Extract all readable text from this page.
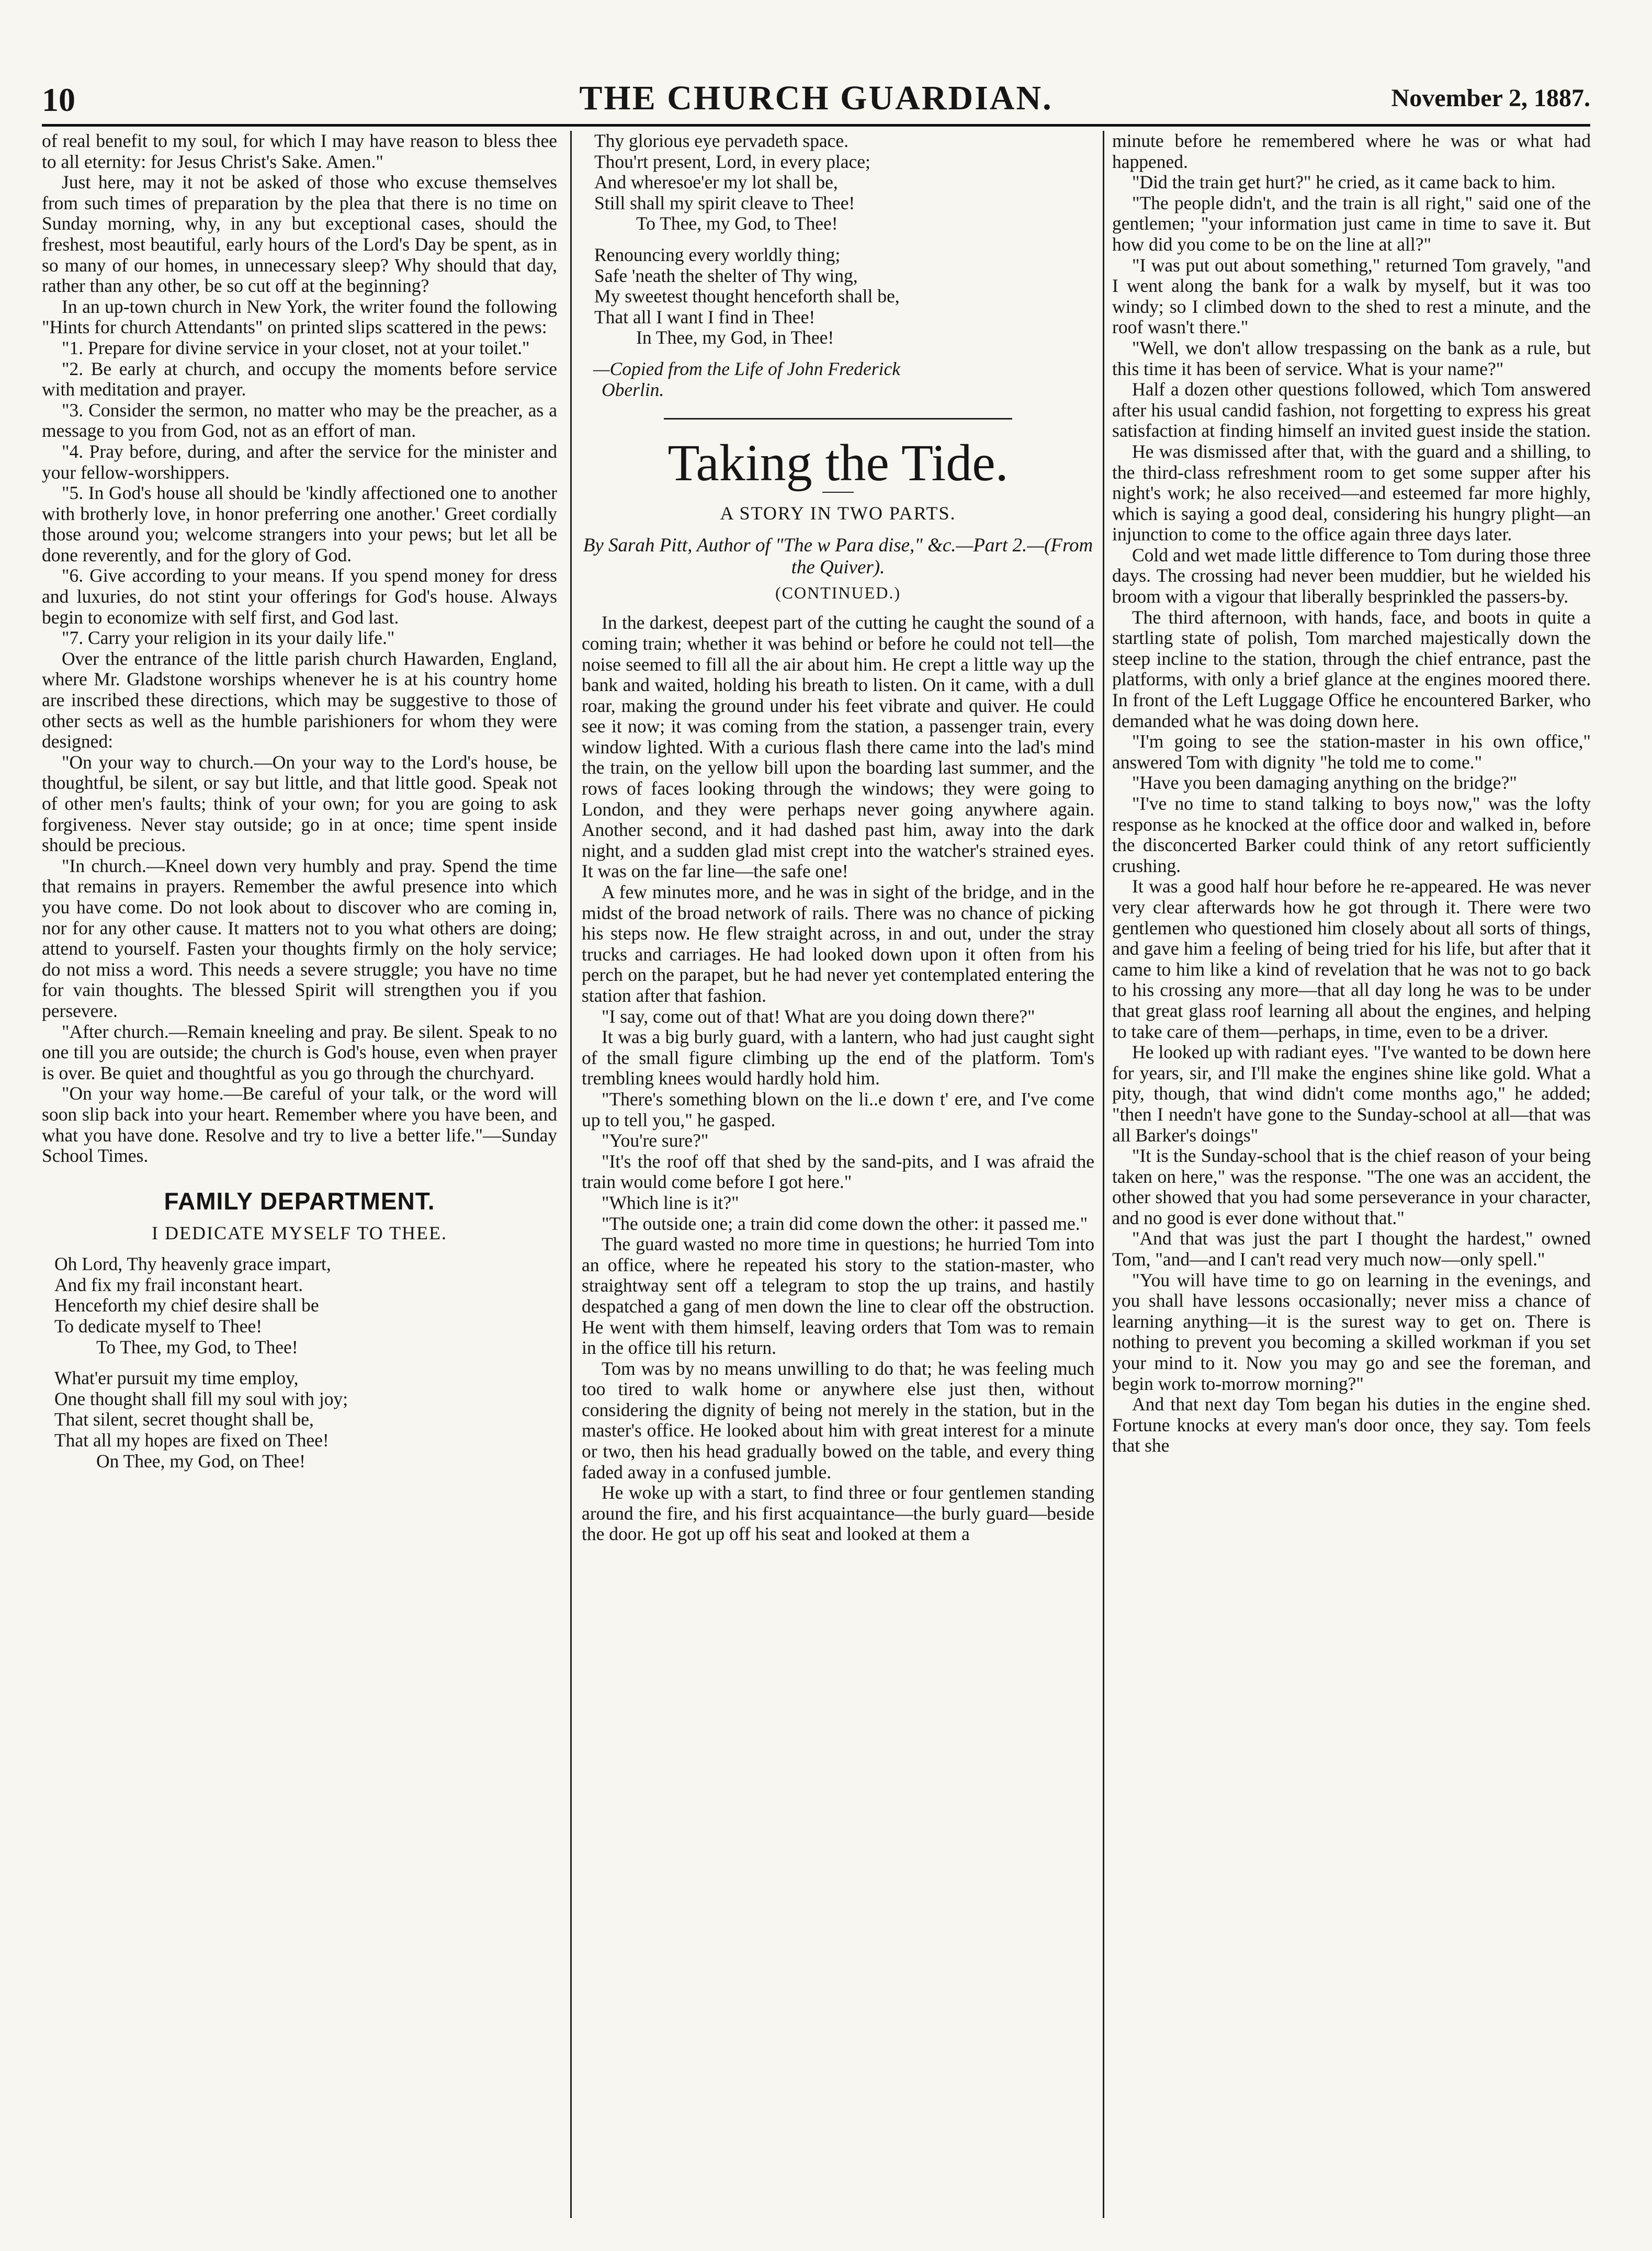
10	THE CHURCH GUARDIAN.	November 2, 1887.

of real benefit to my soul, for which I may have reason to bless thee to all eternity: for Jesus Christ's Sake. Amen."

Just here, may it not be asked of those who excuse themselves from such times of preparation by the plea that there is no time on Sunday morning, why, in any but exceptional cases, should the freshest, most beautiful, early hours of the Lord's Day be spent, as in so many of our homes, in unnecessary sleep? Why should that day, rather than any other, be so cut off at the beginning?

In an up-town church in New York, the writer found the following "Hints for church Attendants" on printed slips scattered in the pews:

"1. Prepare for divine service in your closet, not at your toilet."

"2. Be early at church, and occupy the moments before service with meditation and prayer.

"3. Consider the sermon, no matter who may be the preacher, as a message to you from God, not as an effort of man.

"4. Pray before, during, and after the service for the minister and your fellow-worshippers.

"5. In God's house all should be 'kindly affectioned one to another with brotherly love, in honor preferring one another.' Greet cordially those around you; welcome strangers into your pews; but let all be done reverently, and for the glory of God.

"6. Give according to your means. If you spend money for dress and luxuries, do not stint your offerings for God's house. Always begin to economize with self first, and God last.

"7. Carry your religion in its your daily life."

Over the entrance of the little parish church Hawarden, England, where Mr. Gladstone worships whenever he is at his country home are inscribed these directions, which may be suggestive to those of other sects as well as the humble parishioners for whom they were designed:

"On your way to church.—On your way to the Lord's house, be thoughtful, be silent, or say but little, and that little good. Speak not of other men's faults; think of your own; for you are going to ask forgiveness. Never stay outside; go in at once; time spent inside should be precious.

"In church.—Kneel down very humbly and pray. Spend the time that remains in prayers. Remember the awful presence into which you have come. Do not look about to discover who are coming in, nor for any other cause. It matters not to you what others are doing; attend to yourself. Fasten your thoughts firmly on the holy service; do not miss a word. This needs a severe struggle; you have no time for vain thoughts. The blessed Spirit will strengthen you if you persevere.

"After church.—Remain kneeling and pray. Be silent. Speak to no one till you are outside; the church is God's house, even when prayer is over. Be quiet and thoughtful as you go through the churchyard.

"On your way home.—Be careful of your talk, or the word will soon slip back into your heart. Remember where you have been, and what you have done. Resolve and try to live a better life."—Sunday School Times.

FAMILY DEPARTMENT.
I DEDICATE MYSELF TO THEE.
Oh Lord, Thy heavenly grace impart,
And fix my frail inconstant heart.
Henceforth my chief desire shall be
To dedicate myself to Thee!
To Thee, my God, to Thee!
What'er pursuit my time employ,
One thought shall fill my soul with joy;
That silent, secret thought shall be,
That all my hopes are fixed on Thee!
On Thee, my God, on Thee!
Thy glorious eye pervadeth space.
Thou'rt present, Lord, in every place;
And wheresoe'er my lot shall be,
Still shall my spirit cleave to Thee!
To Thee, my God, to Thee!
Renouncing every worldly thing;
Safe 'neath the shelter of Thy wing,
My sweetest thought henceforth shall be,
That all I want I find in Thee!
In Thee, my God, in Thee!

—Copied from the Life of John Frederick

Oberlin.

Taking the Tide.
A STORY IN TWO PARTS.
By Sarah Pitt, Author of "The w Para dise," &c.—Part 2.—(From the Quiver).
(CONTINUED.)

In the darkest, deepest part of the cutting he caught the sound of a coming train; whether it was behind or before he could not tell—the noise seemed to fill all the air about him. He crept a little way up the bank and waited, holding his breath to listen. On it came, with a dull roar, making the ground under his feet vibrate and quiver. He could see it now; it was coming from the station, a passenger train, every window lighted. With a curious flash there came into the lad's mind the train, on the yellow bill upon the boarding last summer, and the rows of faces looking through the windows; they were going to London, and they were perhaps never going anywhere again. Another second, and it had dashed past him, away into the dark night, and a sudden glad mist crept into the watcher's strained eyes. It was on the far line—the safe one!

A few minutes more, and he was in sight of the bridge, and in the midst of the broad network of rails. There was no chance of picking his steps now. He flew straight across, in and out, under the stray trucks and carriages. He had looked down upon it often from his perch on the parapet, but he had never yet contemplated entering the station after that fashion.

"I say, come out of that! What are you doing down there?"

It was a big burly guard, with a lantern, who had just caught sight of the small figure climbing up the end of the platform. Tom's trembling knees would hardly hold him.

"There's something blown on the li..e down t' ere, and I've come up to tell you," he gasped.

"You're sure?"

"It's the roof off that shed by the sand-pits, and I was afraid the train would come before I got here."

"Which line is it?"

"The outside one; a train did come down the other: it passed me."

The guard wasted no more time in questions; he hurried Tom into an office, where he repeated his story to the station-master, who straightway sent off a telegram to stop the up trains, and hastily despatched a gang of men down the line to clear off the obstruction. He went with them himself, leaving orders that Tom was to remain in the office till his return.

Tom was by no means unwilling to do that; he was feeling much too tired to walk home or anywhere else just then, without considering the dignity of being not merely in the station, but in the master's office. He looked about him with great interest for a minute or two, then his head gradually bowed on the table, and every thing faded away in a confused jumble.

He woke up with a start, to find three or four gentlemen standing around the fire, and his first acquaintance—the burly guard—beside the door. He got up off his seat and looked at them a

minute before he remembered where he was or what had happened.

"Did the train get hurt?" he cried, as it came back to him.

"The people didn't, and the train is all right," said one of the gentlemen; "your information just came in time to save it. But how did you come to be on the line at all?"

"I was put out about something," returned Tom gravely, "and I went along the bank for a walk by myself, but it was too windy; so I climbed down to the shed to rest a minute, and the roof wasn't there."

"Well, we don't allow trespassing on the bank as a rule, but this time it has been of service. What is your name?"

Half a dozen other questions followed, which Tom answered after his usual candid fashion, not forgetting to express his great satisfaction at finding himself an invited guest inside the station.

He was dismissed after that, with the guard and a shilling, to the third-class refreshment room to get some supper after his night's work; he also received—and esteemed far more highly, which is saying a good deal, considering his hungry plight—an injunction to come to the office again three days later.

Cold and wet made little difference to Tom during those three days. The crossing had never been muddier, but he wielded his broom with a vigour that liberally besprinkled the passers-by.

The third afternoon, with hands, face, and boots in quite a startling state of polish, Tom marched majestically down the steep incline to the station, through the chief entrance, past the platforms, with only a brief glance at the engines moored there. In front of the Left Luggage Office he encountered Barker, who demanded what he was doing down here.

"I'm going to see the station-master in his own office," answered Tom with dignity "he told me to come."

"Have you been damaging anything on the bridge?"

"I've no time to stand talking to boys now," was the lofty response as he knocked at the office door and walked in, before the disconcerted Barker could think of any retort sufficiently crushing.

It was a good half hour before he re-appeared. He was never very clear afterwards how he got through it. There were two gentlemen who questioned him closely about all sorts of things, and gave him a feeling of being tried for his life, but after that it came to him like a kind of revelation that he was not to go back to his crossing any more—that all day long he was to be under that great glass roof learning all about the engines, and helping to take care of them—perhaps, in time, even to be a driver.

He looked up with radiant eyes. "I've wanted to be down here for years, sir, and I'll make the engines shine like gold. What a pity, though, that wind didn't come months ago," he added; "then I needn't have gone to the Sunday-school at all—that was all Barker's doings"

"It is the Sunday-school that is the chief reason of your being taken on here," was the response. "The one was an accident, the other showed that you had some perseverance in your character, and no good is ever done without that."

"And that was just the part I thought the hardest," owned Tom, "and—and I can't read very much now—only spell."

"You will have time to go on learning in the evenings, and you shall have lessons occasionally; never miss a chance of learning anything—it is the surest way to get on. There is nothing to prevent you becoming a skilled workman if you set your mind to it. Now you may go and see the foreman, and begin work to-morrow morning?"

And that next day Tom began his duties in the engine shed. Fortune knocks at every man's door once, they say. Tom feels that she
